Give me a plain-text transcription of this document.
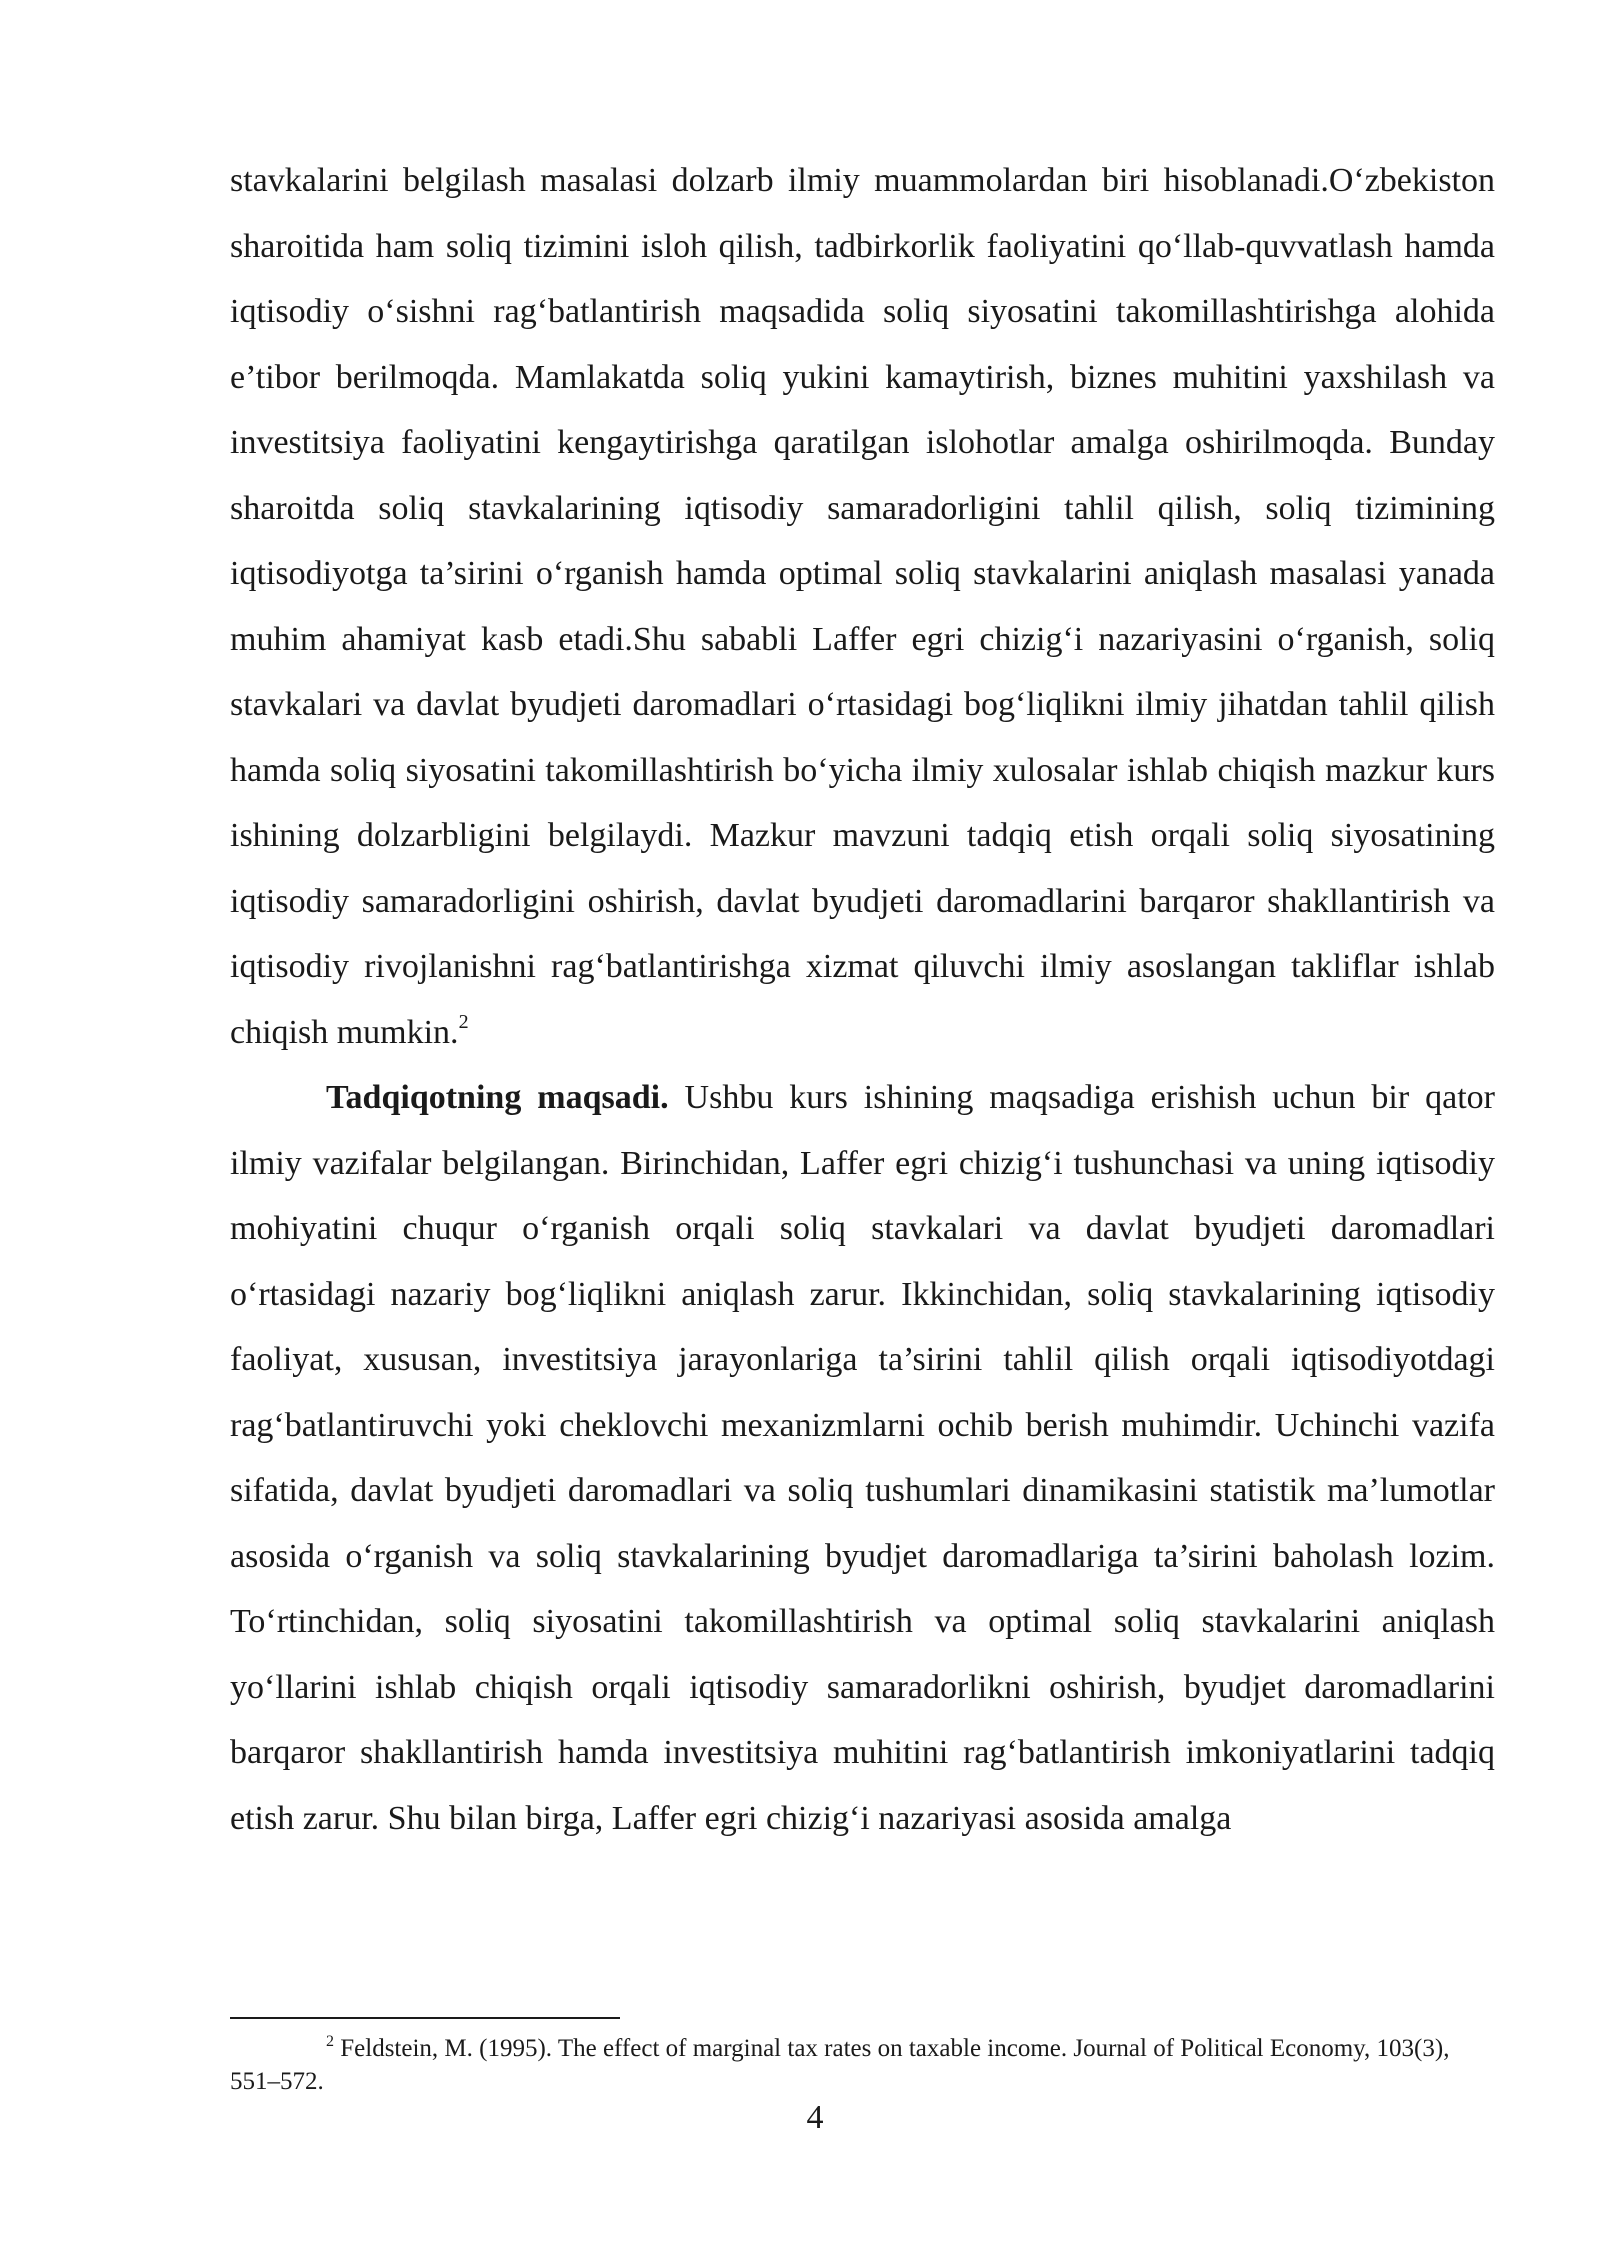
stavkalarini belgilash masalasi dolzarb ilmiy muammolardan biri hisoblanadi.O‘zbekiston sharoitida ham soliq tizimini isloh qilish, tadbirkorlik faoliyatini qo‘llab-quvvatlash hamda iqtisodiy o‘sishni rag‘batlantirish maqsadida soliq siyosatini takomillashtirishga alohida e’tibor berilmoqda. Mamlakatda soliq yukini kamaytirish, biznes muhitini yaxshilash va investitsiya faoliyatini kengaytirishga qaratilgan islohotlar amalga oshirilmoqda. Bunday sharoitda soliq stavkalarining iqtisodiy samaradorligini tahlil qilish, soliq tizimining iqtisodiyotga ta’sirini o‘rganish hamda optimal soliq stavkalarini aniqlash masalasi yanada muhim ahamiyat kasb etadi.Shu sababli Laffer egri chizig‘i nazariyasini o‘rganish, soliq stavkalari va davlat byudjeti daromadlari o‘rtasidagi bog‘liqlikni ilmiy jihatdan tahlil qilish hamda soliq siyosatini takomillashtirish bo‘yicha ilmiy xulosalar ishlab chiqish mazkur kurs ishining dolzarbligini belgilaydi. Mazkur mavzuni tadqiq etish orqali soliq siyosatining iqtisodiy samaradorligini oshirish, davlat byudjeti daromadlarini barqaror shakllantirish va iqtisodiy rivojlanishni rag‘batlantirishga xizmat qiluvchi ilmiy asoslangan takliflar ishlab chiqish mumkin.$^2$

Tadqiqotning maqsadi. Ushbu kurs ishining maqsadiga erishish uchun bir qator ilmiy vazifalar belgilangan. Birinchidan, Laffer egri chizig‘i tushunchasi va uning iqtisodiy mohiyatini chuqur o‘rganish orqali soliq stavkalari va davlat byudjeti daromadlari o‘rtasidagi nazariy bog‘liqlikni aniqlash zarur. Ikkinchidan, soliq stavkalarining iqtisodiy faoliyat, xususan, investitsiya jarayonlariga ta’sirini tahlil qilish orqali iqtisodiyotdagi rag‘batlantiruvchi yoki cheklovchi mexanizmlarni ochib berish muhimdir. Uchinchi vazifa sifatida, davlat byudjeti daromadlari va soliq tushumlari dinamikasini statistik ma’lumotlar asosida o‘rganish va soliq stavkalarining byudjet daromadlariga ta’sirini baholash lozim. To‘rtinchidan, soliq siyosatini takomillashtirish va optimal soliq stavkalarini aniqlash yo‘llarini ishlab chiqish orqali iqtisodiy samaradorlikni oshirish, byudjet daromadlarini barqaror shakllantirish hamda investitsiya muhitini rag‘batlantirish imkoniyatlarini tadqiq etish zarur. Shu bilan birga, Laffer egri chizig‘i nazariyasi asosida amalga

$^2$ Feldstein, M. (1995). The effect of marginal tax rates on taxable income. Journal of Political Economy, 103(3), 551–572.

4
